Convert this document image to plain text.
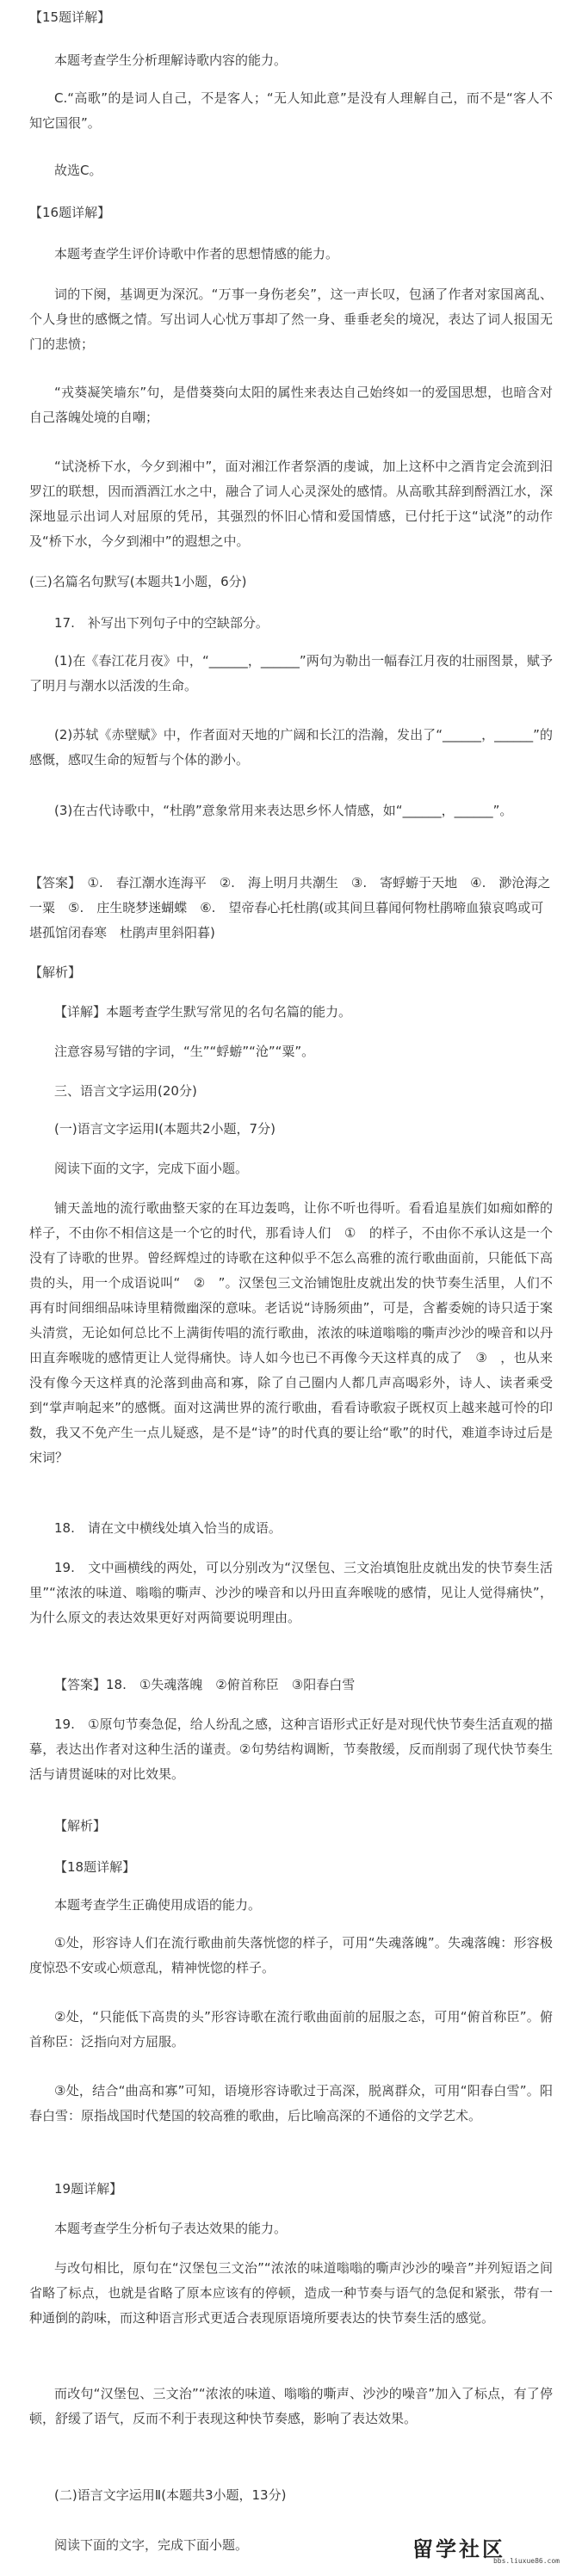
【15题详解】
本题考查学生分析理解诗歌内容的能力。
C.“高歌”的是词人自己，不是客人；“无人知此意”是没有人理解自己，而不是“客人不知它国很”。
故选C。
【16题详解】
本题考查学生评价诗歌中作者的思想情感的能力。
词的下阕，基调更为深沉。“万事一身伤老矣”，这一声长叹，包涵了作者对家国离乱、个人身世的感慨之情。写出词人心忧万事却了然一身、垂垂老矣的境况，表达了词人报国无门的悲愤；
“戎葵凝笑墙东”句，是借葵葵向太阳的属性来表达自己始终如一的爱国思想，也暗含对自己落魄处境的自嘲；
“试浇桥下水，今夕到湘中”，面对湘江作者祭酒的虔诚，加上这杯中之酒肯定会流到汨罗江的联想，因而酒酒江水之中，融合了词人心灵深处的感情。从高歌其辞到酹酒江水，深深地显示出词人对屈原的凭吊，其强烈的怀旧心情和爱国情感，已付托于这“试浇”的动作及“桥下水，今夕到湘中”的遐想之中。
(三)名篇名句默写(本题共1小题，6分)
17.　补写出下列句子中的空缺部分。
(1)在《春江花月夜》中，“______，______”两句为勒出一幅春江月夜的壮丽图景，赋予了明月与潮水以活泼的生命。
(2)苏轼《赤壁赋》中，作者面对天地的广阔和长江的浩瀚，发出了“______，______”的感慨，感叹生命的短暂与个体的渺小。
(3)在古代诗歌中，“杜鹃”意象常用来表达思乡怀人情感，如“______，______”。
【答案】　①.　春江潮水连海平　②.　海上明月共潮生　③.　寄蜉蝣于天地　④.　渺沧海之一粟　⑤.　庄生晓梦迷蝴蝶　⑥.　望帝春心托杜鹃(或其间旦暮闻何物杜鹃啼血猿哀鸣或可堪孤馆闭春寒　杜鹃声里斜阳暮)
【解析】
【详解】本题考查学生默写常见的名句名篇的能力。
注意容易写错的字词，“生”“蜉蝣”“沧”“粟”。
三、语言文字运用(20分)
(一)语言文字运用Ⅰ(本题共2小题，7分)
阅读下面的文字，完成下面小题。
铺天盖地的流行歌曲整天家的在耳边轰鸣，让你不听也得听。看看追星族们如痴如醉的样子，不由你不相信这是一个它的时代，那看诗人们　①　的样子，不由你不承认这是一个没有了诗歌的世界。曾经辉煌过的诗歌在这种似乎不怎么高雅的流行歌曲面前，只能低下高贵的头，用一个成语说叫“　②　”。汉堡包三文治铺饱肚皮就出发的快节奏生活里，人们不再有时间细细品味诗里精微幽深的意味。老话说“诗肠须曲”，可是，含蓄委婉的诗只适于案头清赏，无论如何总比不上满街传唱的流行歌曲，浓浓的味道嗡嗡的嘶声沙沙的噪音和以丹田直奔喉咙的感情更让人觉得痛快。诗人如今也已不再像今天这样真的成了　③　，也从来没有像今天这样真的沦落到曲高和寡，除了自己圈内人都几声高喝彩外，诗人、读者乘受到“掌声响起来”的感慨。面对这满世界的流行歌曲，看看诗歌寂子既权页上越来越可怜的印数，我又不免产生一点儿疑惑，是不是“诗”的时代真的要让给“歌”的时代，难道李诗过后是宋词？
18.　请在文中横线处填入恰当的成语。
19.　文中画横线的两处，可以分别改为“汉堡包、三文治填饱肚皮就出发的快节奏生活里”“浓浓的味道、嗡嗡的嘶声、沙沙的噪音和以丹田直奔喉咙的感情，见让人觉得痛快”，为什么原文的表达效果更好对两简要说明理由。
【答案】18.　①失魂落魄　②俯首称臣　③阳春白雪
19.　①原句节奏急促，给人纷乱之感，这种言语形式正好是对现代快节奏生活直观的描摹，表达出作者对这种生活的谨责。②句势结构调断，节奏散缓，反而削弱了现代快节奏生活与请贯诞味的对比效果。
【解析】
【18题详解】
本题考查学生正确使用成语的能力。
①处，形容诗人们在流行歌曲前失落恍惚的样子，可用“失魂落魄”。失魂落魄：形容极度惊恐不安或心烦意乱，精神恍惚的样子。
②处，“只能低下高贵的头”形容诗歌在流行歌曲面前的屈服之态，可用“俯首称臣”。俯首称臣：泛指向对方屈服。
③处，结合“曲高和寡”可知，语境形容诗歌过于高深，脱离群众，可用“阳春白雪”。阳春白雪：原指战国时代楚国的较高雅的歌曲，后比喻高深的不通俗的文学艺术。
19题详解】
本题考查学生分析句子表达效果的能力。
与改句相比，原句在“汉堡包三文治”“浓浓的味道嗡嗡的嘶声沙沙的噪音”并列短语之间省略了标点，也就是省略了原本应该有的停顿，造成一种节奏与语气的急促和紧张，带有一种通倒的韵味，而这种语言形式更适合表现原语境所要表达的快节奏生活的感觉。
而改句“汉堡包、三文治”“浓浓的味道、嗡嗡的嘶声、沙沙的噪音”加入了标点，有了停顿，舒缓了语气，反而不利于表现这种快节奏感，影响了表达效果。
(二)语言文字运用Ⅱ(本题共3小题，13分)
阅读下面的文字，完成下面小题。	留学社区
bbs.liuxue86.com
